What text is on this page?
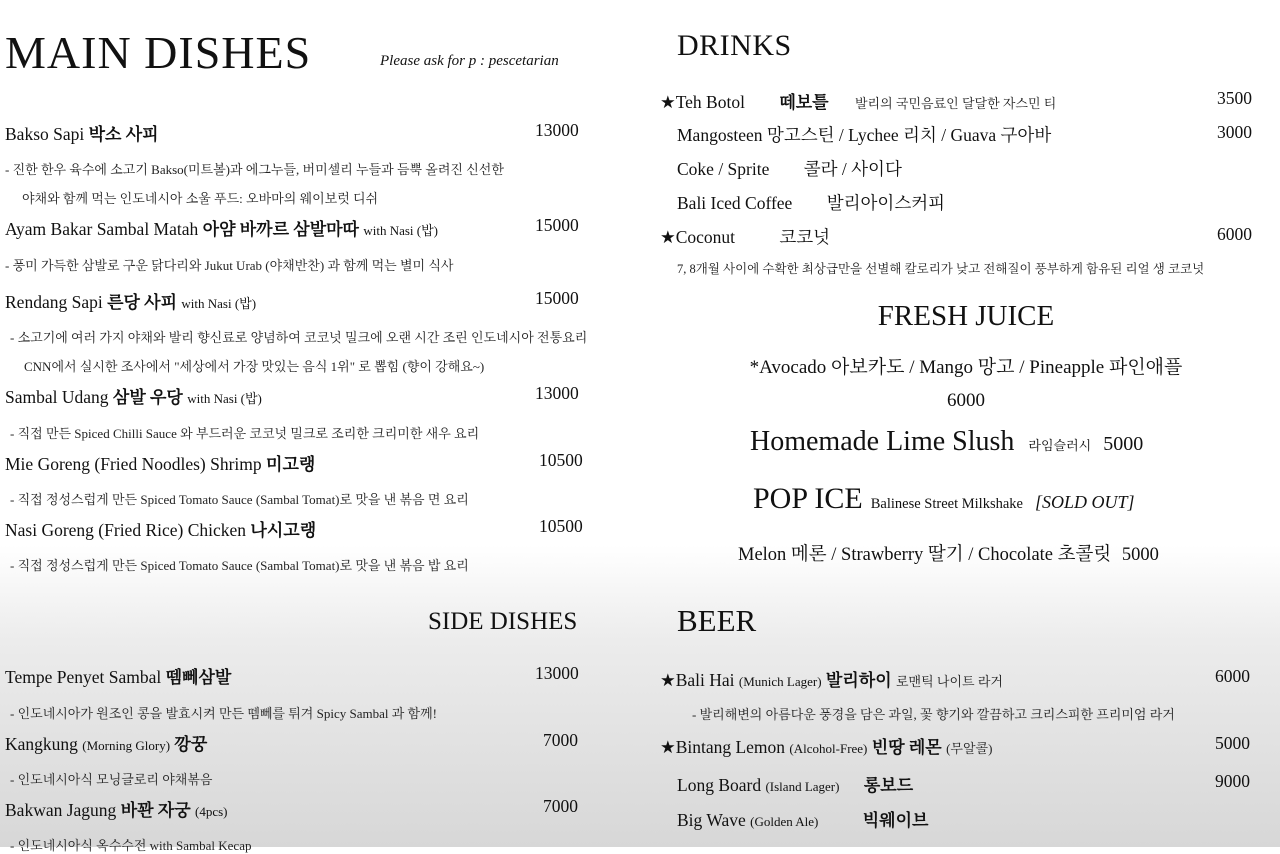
MAIN DISHES	Please ask for p : pescetarian
Bakso Sapi 박소 사피	13000
- 진한 한우 육수에 소고기 Bakso(미트볼)과 에그누들, 버미셀리 누들과 듬뿍 올려진 신선한
야채와 함께 먹는 인도네시아 소울 푸드: 오바마의 웨이보럿 디쉬
Ayam Bakar Sambal Matah 아얌 바까르 삼발마따 with Nasi (밥)	15000
- 풍미 가득한 삼발로 구운 닭다리와 Jukut Urab (야채반찬) 과 함께 먹는 별미 식사
Rendang Sapi 른당 사피 with Nasi (밥)	15000
- 소고기에 여러 가지 야채와 발리 향신료로 양념하여 코코넛 밀크에 오랜 시간 조린 인도네시아 전통요리
CNN에서 실시한 조사에서 "세상에서 가장 맛있는 음식 1위" 로 뽑힘 (향이 강해요~)
Sambal Udang 삼발 우당 with Nasi (밥)	13000
- 직접 만든 Spiced Chilli Sauce 와 부드러운 코코넛 밀크로 조리한 크리미한 새우 요리
Mie Goreng (Fried Noodles) Shrimp 미고랭	10500
- 직접 정성스럽게 만든 Spiced Tomato Sauce (Sambal Tomat)로 맛을 낸 볶음 면 요리
Nasi Goreng (Fried Rice) Chicken 나시고랭	10500
- 직접 정성스럽게 만든 Spiced Tomato Sauce (Sambal Tomat)로 맛을 낸 볶음 밥 요리
SIDE DISHES
Tempe Penyet Sambal 뗌뻬삼발	13000
- 인도네시아가 원조인 콩을 발효시켜 만든 뗌뻬를 튀겨 Spicy Sambal 과 함께!
Kangkung (Morning Glory) 깡꿍	7000
- 인도네시아식 모닝글로리 야채볶음
Bakwan Jagung 바꽌 자궁 (4pcs)	7000
- 인도네시아식 옥수수전 with Sambal Kecap
DRINKS
★Teh Botol 떼보틀 발리의 국민음료인 달달한 자스민 티	3500
Mangosteen 망고스틴 / Lychee 리치 / Guava 구아바	3000
Coke / Sprite 콜라 / 사이다
Bali Iced Coffee 발리아이스커피
★Coconut	코코넛	6000
7, 8개월 사이에 수확한 최상급만을 선별해 칼로리가 낮고 전해질이 풍부하게 함유된 리얼 생 코코넛
FRESH JUICE
*Avocado 아보카도 / Mango 망고 / Pineapple 파인애플
6000
Homemade Lime Slush 라임슬러시 5000
POP ICE Balinese Street Milkshake [SOLD OUT]
Melon 메론 / Strawberry 딸기 / Chocolate 초콜릿 5000
BEER
★Bali Hai (Munich Lager) 발리하이 로맨틱 나이트 라거	6000
- 발리해변의 아름다운 풍경을 담은 과일, 꽃 향기와 깔끔하고 크리스피한 프리미엄 라거
★Bintang Lemon (Alcohol-Free) 빈땅 레몬 (무알콜)	5000
Long Board (Island Lager) 롱보드	9000
Big Wave (Golden Ale)	빅웨이브
